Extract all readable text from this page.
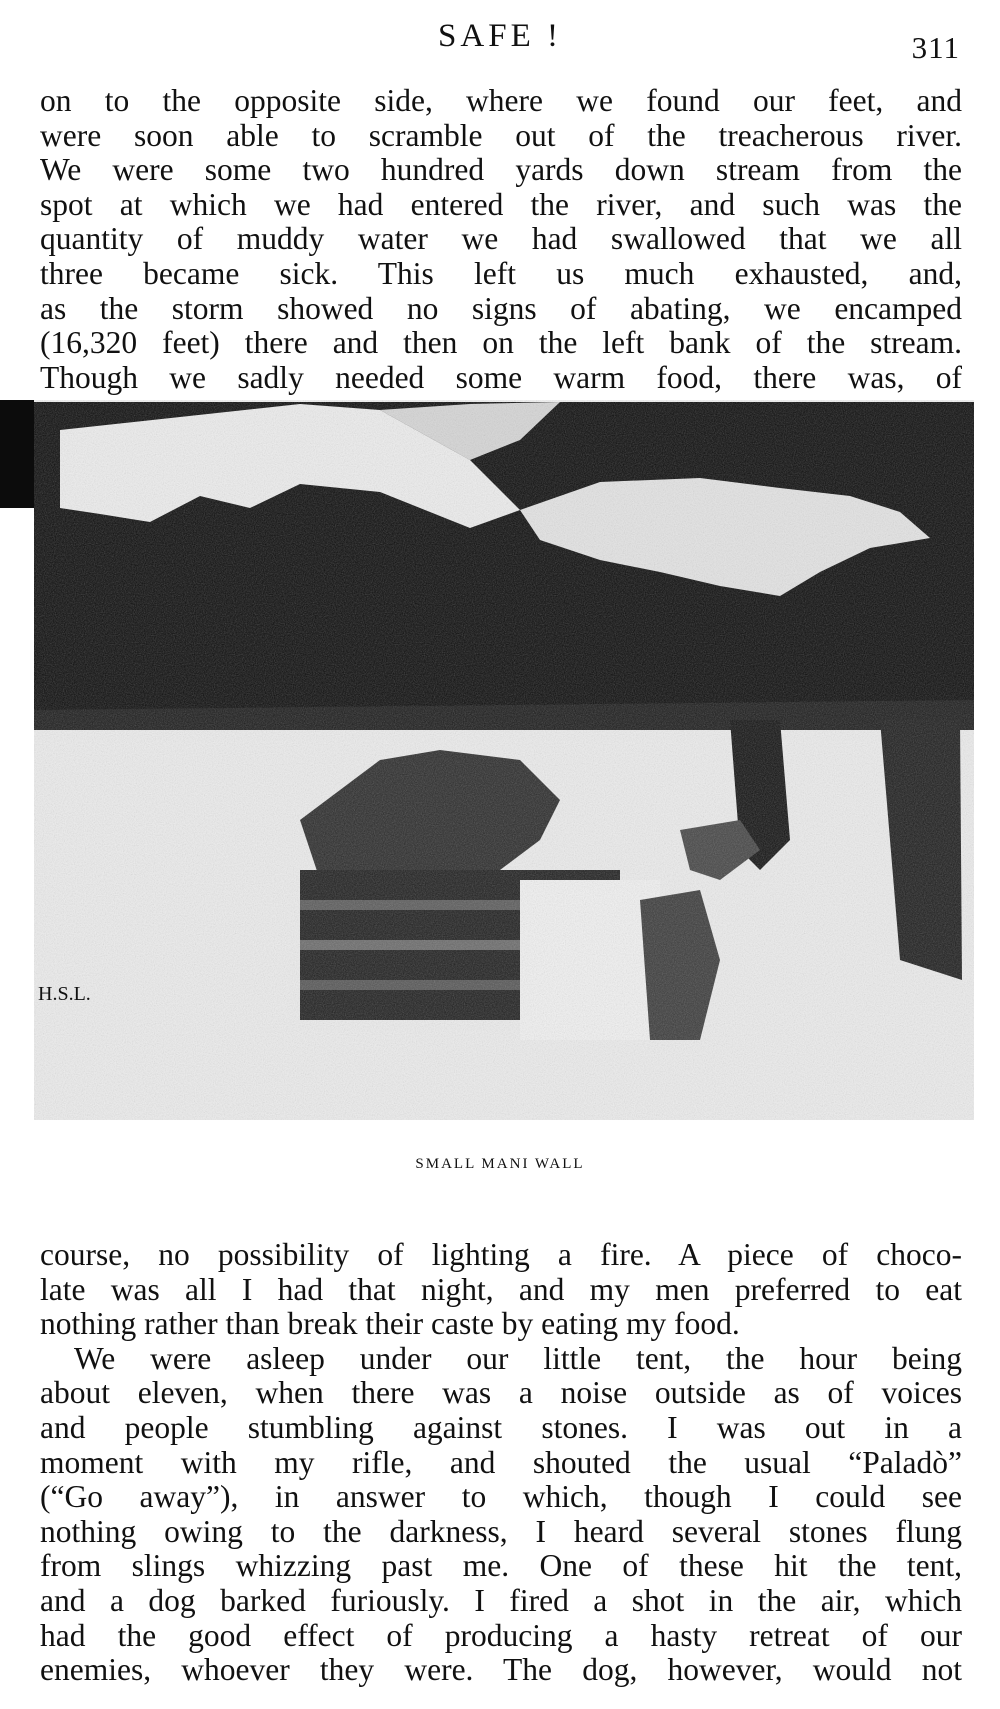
SAFE !	311
on to the opposite side, where we found our feet, and
were soon able to scramble out of the treacherous river.
We were some two hundred yards down stream from the
spot at which we had entered the river, and such was the
quantity of muddy water we had swallowed that we all
three became sick. This left us much exhausted, and,
as the storm showed no signs of abating, we encamped
(16,320 feet) there and then on the left bank of the stream.
Though we sadly needed some warm food, there was, of
H.S.L.
SMALL MANI WALL
course, no possibility of lighting a fire. A piece of choco-
late was all I had that night, and my men preferred to eat
nothing rather than break their caste by eating my food.
We were asleep under our little tent, the hour being
about eleven, when there was a noise outside as of voices
and people stumbling against stones. I was out in a
moment with my rifle, and shouted the usual “Paladò”
(“Go away”), in answer to which, though I could see
nothing owing to the darkness, I heard several stones flung
from slings whizzing past me. One of these hit the tent,
and a dog barked furiously. I fired a shot in the air, which
had the good effect of producing a hasty retreat of our
enemies, whoever they were. The dog, however, would not
